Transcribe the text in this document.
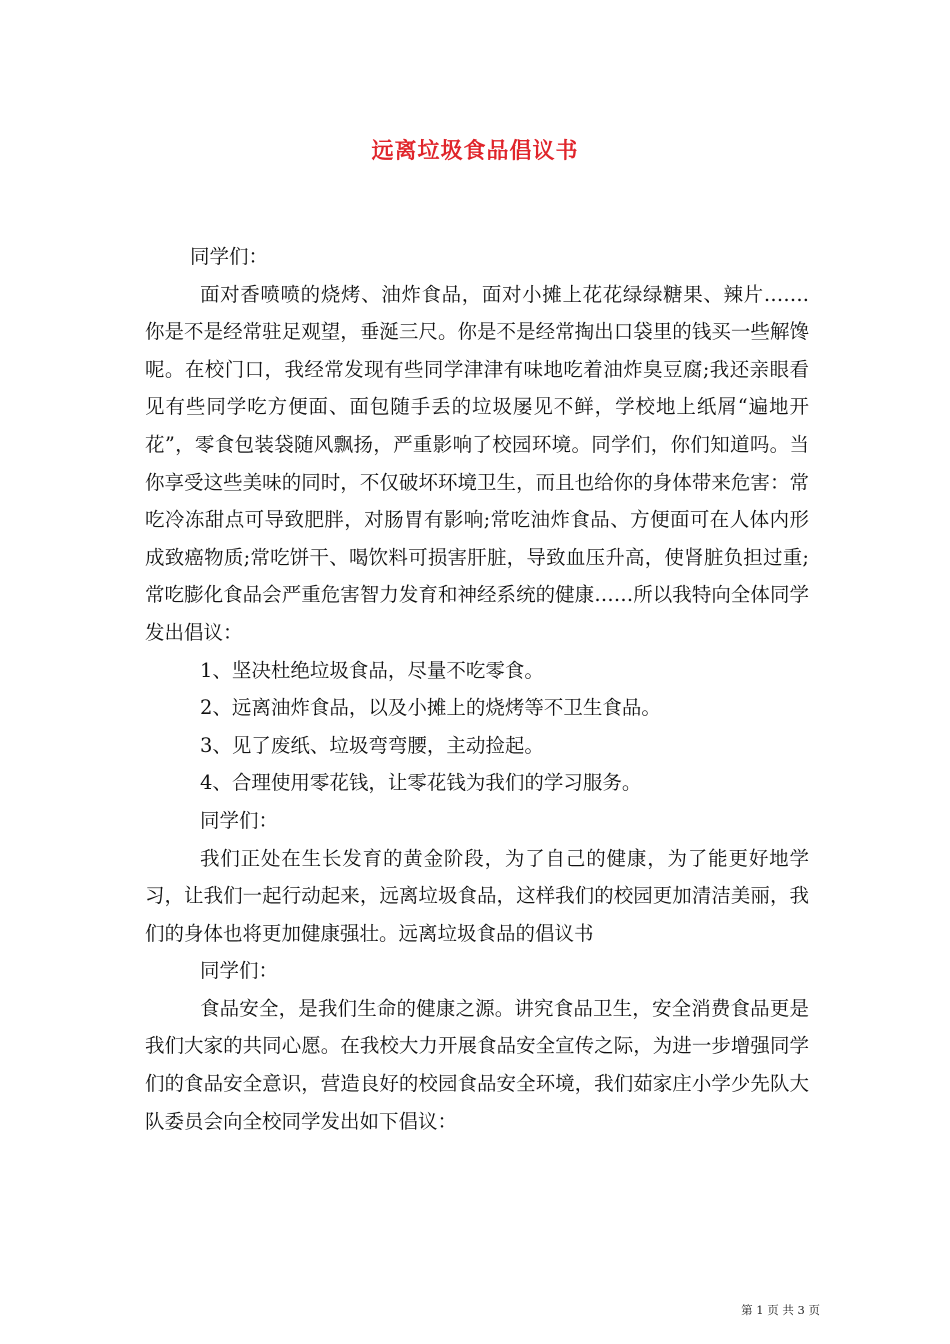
远离垃圾食品倡议书

同学们：

面对香喷喷的烧烤、油炸食品，面对小摊上花花绿绿糖果、辣片…….你是不是经常驻足观望，垂涎三尺。你是不是经常掏出口袋里的钱买一些解馋呢。在校门口，我经常发现有些同学津津有味地吃着油炸臭豆腐;我还亲眼看见有些同学吃方便面、面包随手丢的垃圾屡见不鲜，学校地上纸屑“遍地开花”，零食包装袋随风飘扬，严重影响了校园环境。同学们，你们知道吗。当你享受这些美味的同时，不仅破坏环境卫生，而且也给你的身体带来危害：常吃冷冻甜点可导致肥胖，对肠胃有影响;常吃油炸食品、方便面可在人体内形成致癌物质;常吃饼干、喝饮料可损害肝脏，导致血压升高，使肾脏负担过重;常吃膨化食品会严重危害智力发育和神经系统的健康……所以我特向全体同学发出倡议：

1、坚决杜绝垃圾食品，尽量不吃零食。

2、远离油炸食品，以及小摊上的烧烤等不卫生食品。

3、见了废纸、垃圾弯弯腰，主动捡起。

4、合理使用零花钱，让零花钱为我们的学习服务。

同学们：

我们正处在生长发育的黄金阶段，为了自己的健康，为了能更好地学习，让我们一起行动起来，远离垃圾食品，这样我们的校园更加清洁美丽，我们的身体也将更加健康强壮。远离垃圾食品的倡议书

同学们：

食品安全，是我们生命的健康之源。讲究食品卫生，安全消费食品更是我们大家的共同心愿。在我校大力开展食品安全宣传之际，为进一步增强同学们的食品安全意识，营造良好的校园食品安全环境，我们茹家庄小学少先队大队委员会向全校同学发出如下倡议：

第 1 页 共 3 页
